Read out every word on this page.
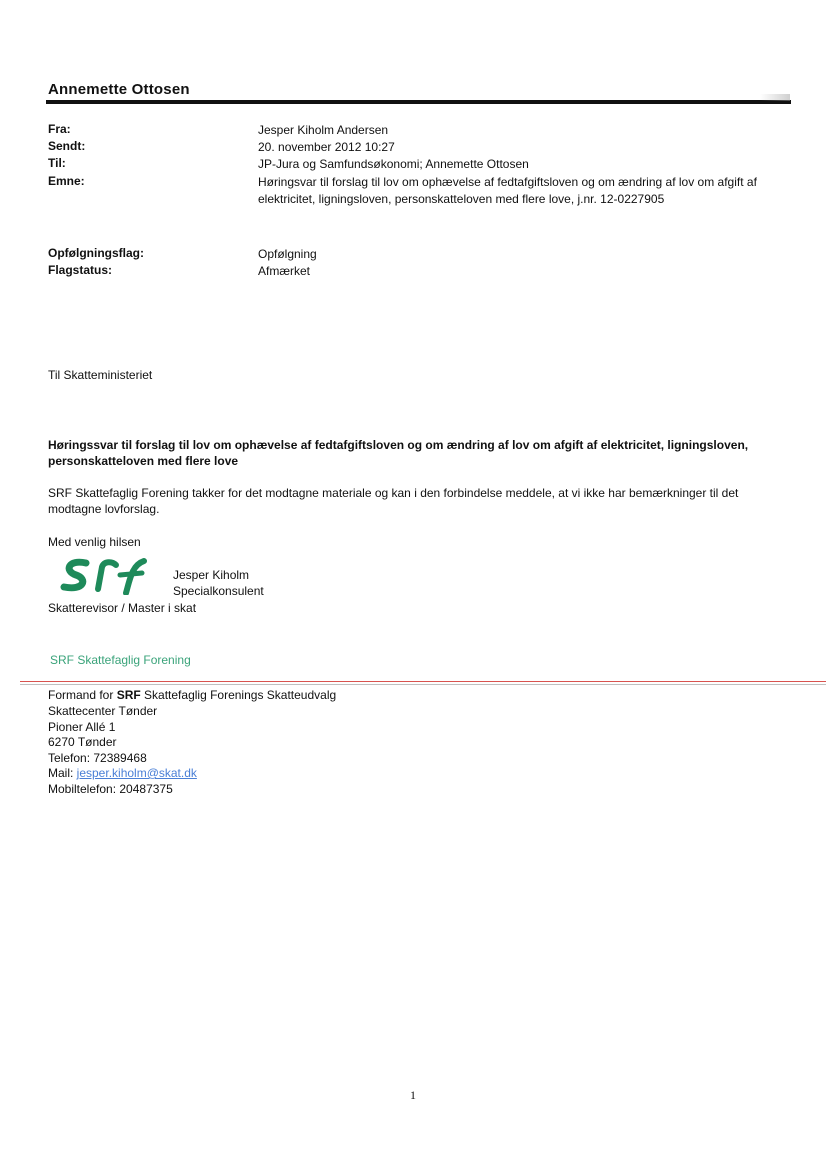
Annemette Ottosen
Fra:	Jesper Kiholm Andersen
Sendt:	20. november 2012 10:27
Til:	JP-Jura og Samfundsøkonomi; Annemette Ottosen
Emne:	Høringsvar til forslag til lov om ophævelse af fedtafgiftsloven og om ændring af lov om afgift af elektricitet, ligningsloven, personskatteloven med flere love, j.nr. 12-0227905
Opfølgningsflag:	Opfølgning
Flagstatus:	Afmærket
Til Skatteministeriet
Høringssvar til forslag til lov om ophævelse af fedtafgiftsloven og om ændring af lov om afgift af elektricitet, ligningsloven, personskatteloven med flere love
SRF Skattefaglig Forening takker for det modtagne materiale og kan i den forbindelse meddele, at vi ikke har bemærkninger til det modtagne lovforslag.
Med venlig hilsen
Jesper Kiholm
Specialkonsulent
Skatterevisor / Master i skat
SRF Skattefaglig Forening
Formand for SRF Skattefaglig Forenings Skatteudvalg
Skattecenter Tønder
Pioner Allé 1
6270 Tønder
Telefon: 72389468
Mail: jesper.kiholm@skat.dk
Mobiltelefon: 20487375
1
